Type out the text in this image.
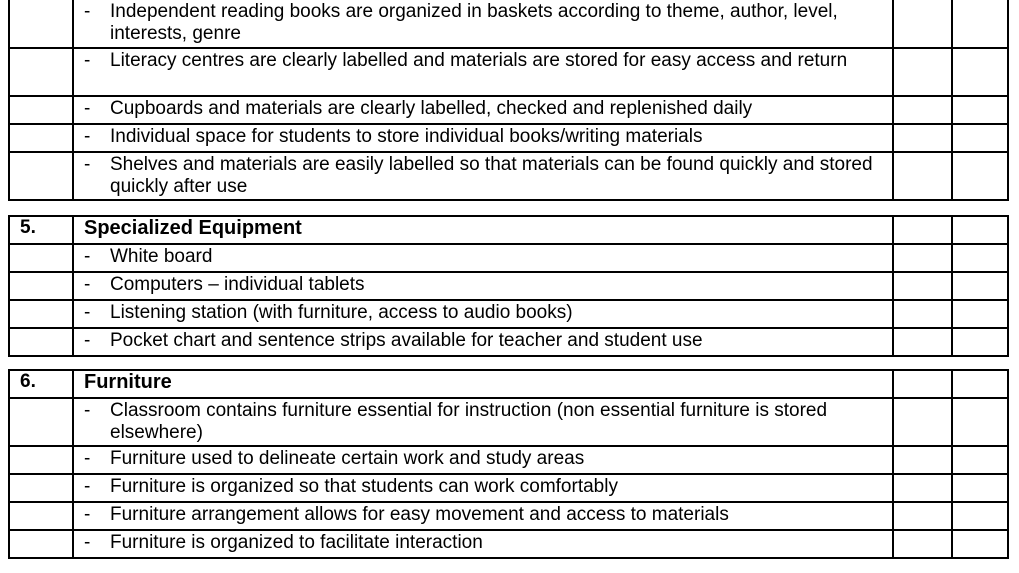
	- Independent reading books are organized in baskets according to theme, author, level, interests, genre		

	- Literacy centres are clearly labelled and materials are stored for easy access and return		

	- Cupboards and materials are clearly labelled, checked and replenished daily		

	- Individual space for students to store individual books/writing materials		

	- Shelves and materials are easily labelled so that materials can be found quickly and stored quickly after use		

5.	Specialized Equipment		

	- White board		

	- Computers – individual tablets		

	- Listening station (with furniture, access to audio books)		

	- Pocket chart and sentence strips available for teacher and student use		

6.	Furniture		

	- Classroom contains furniture essential for instruction (non essential furniture is stored elsewhere)		

	- Furniture used to delineate certain work and study areas		

	- Furniture is organized so that students can work comfortably		

	- Furniture arrangement allows for easy movement and access to materials		

	- Furniture is organized to facilitate interaction		
